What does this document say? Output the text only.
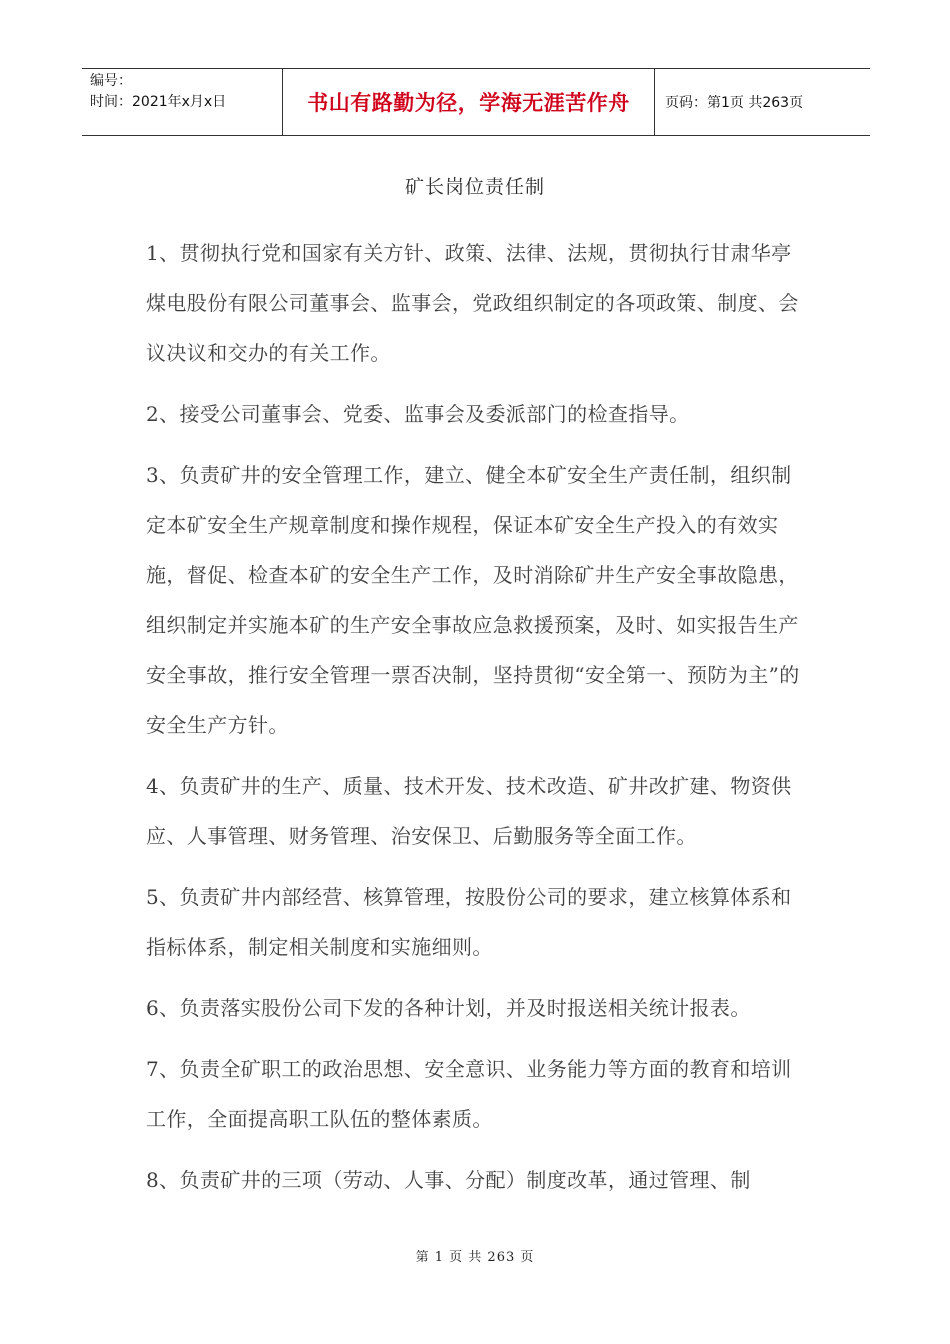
编号：
时间：2021年x月x日	书山有路勤为径，学海无涯苦作舟	页码：第1页 共263页
矿长岗位责任制

1、贯彻执行党和国家有关方针、政策、法律、法规，贯彻执行甘肃华亭煤电股份有限公司董事会、监事会，党政组织制定的各项政策、制度、会议决议和交办的有关工作。

2、接受公司董事会、党委、监事会及委派部门的检查指导。

3、负责矿井的安全管理工作，建立、健全本矿安全生产责任制，组织制定本矿安全生产规章制度和操作规程，保证本矿安全生产投入的有效实施，督促、检查本矿的安全生产工作，及时消除矿井生产安全事故隐患，组织制定并实施本矿的生产安全事故应急救援预案，及时、如实报告生产安全事故，推行安全管理一票否决制，坚持贯彻“安全第一、预防为主”的安全生产方针。

4、负责矿井的生产、质量、技术开发、技术改造、矿井改扩建、物资供应、人事管理、财务管理、治安保卫、后勤服务等全面工作。

5、负责矿井内部经营、核算管理，按股份公司的要求，建立核算体系和指标体系，制定相关制度和实施细则。

6、负责落实股份公司下发的各种计划，并及时报送相关统计报表。

7、负责全矿职工的政治思想、安全意识、业务能力等方面的教育和培训工作，全面提高职工队伍的整体素质。

8、负责矿井的三项（劳动、人事、分配）制度改革，通过管理、制

第 1 页 共 263 页
